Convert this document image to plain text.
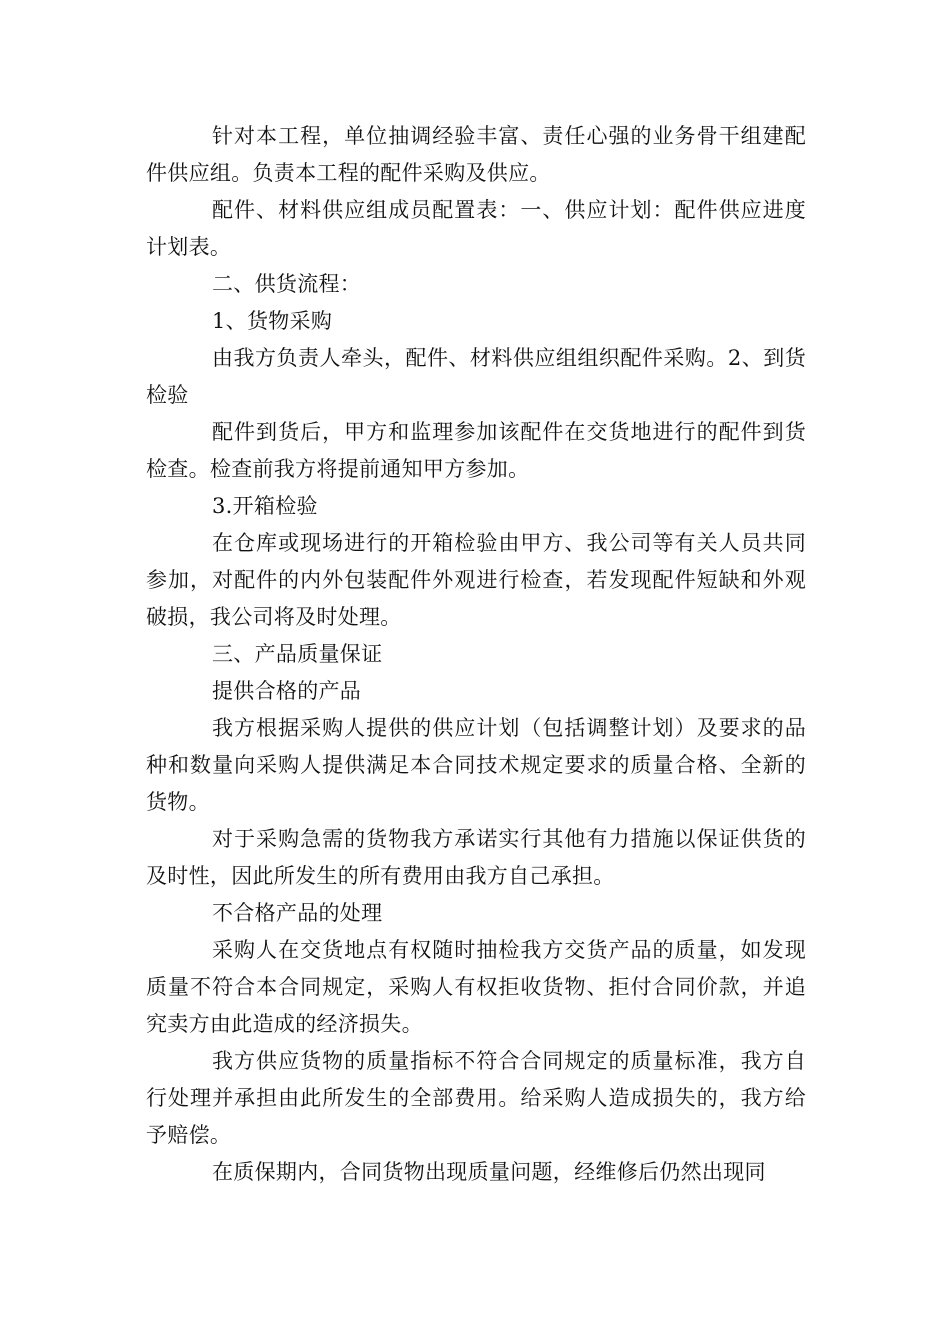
针对本工程，单位抽调经验丰富、责任心强的业务骨干组建配件供应组。负责本工程的配件采购及供应。

配件、材料供应组成员配置表：一、供应计划：配件供应进度计划表。

二、供货流程：

1、货物采购

由我方负责人牵头，配件、材料供应组组织配件采购。2、到货检验

配件到货后，甲方和监理参加该配件在交货地进行的配件到货检查。检查前我方将提前通知甲方参加。

3.开箱检验

在仓库或现场进行的开箱检验由甲方、我公司等有关人员共同参加，对配件的内外包装配件外观进行检查，若发现配件短缺和外观破损，我公司将及时处理。

三、产品质量保证

提供合格的产品

我方根据采购人提供的供应计划（包括调整计划）及要求的品种和数量向采购人提供满足本合同技术规定要求的质量合格、全新的货物。

对于采购急需的货物我方承诺实行其他有力措施以保证供货的及时性，因此所发生的所有费用由我方自己承担。

不合格产品的处理

采购人在交货地点有权随时抽检我方交货产品的质量，如发现质量不符合本合同规定，采购人有权拒收货物、拒付合同价款，并追究卖方由此造成的经济损失。

我方供应货物的质量指标不符合合同规定的质量标准，我方自行处理并承担由此所发生的全部费用。给采购人造成损失的，我方给予赔偿。

在质保期内，合同货物出现质量问题，经维修后仍然出现同
